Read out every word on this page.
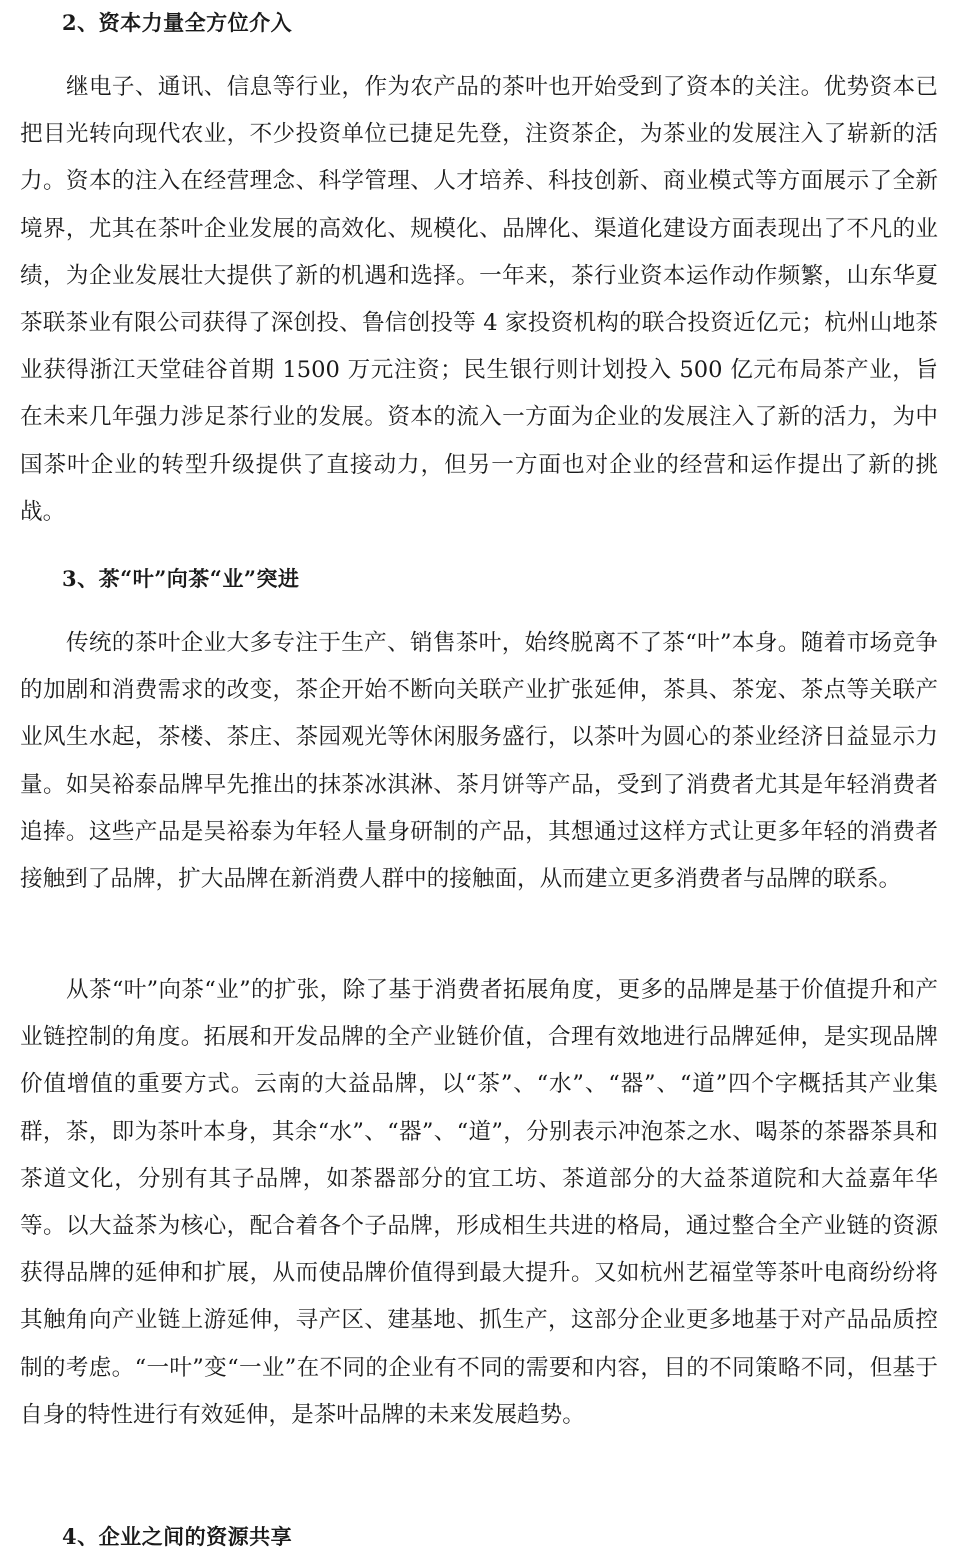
2、资本力量全方位介入

继电子、通讯、信息等行业，作为农产品的茶叶也开始受到了资本的关注。优势资本已把目光转向现代农业，不少投资单位已捷足先登，注资茶企，为茶业的发展注入了崭新的活力。资本的注入在经营理念、科学管理、人才培养、科技创新、商业模式等方面展示了全新境界，尤其在茶叶企业发展的高效化、规模化、品牌化、渠道化建设方面表现出了不凡的业绩，为企业发展壮大提供了新的机遇和选择。一年来，茶行业资本运作动作频繁，山东华夏茶联茶业有限公司获得了深创投、鲁信创投等 4 家投资机构的联合投资近亿元；杭州山地茶业获得浙江天堂硅谷首期 1500 万元注资；民生银行则计划投入 500 亿元布局茶产业，旨在未来几年强力涉足茶行业的发展。资本的流入一方面为企业的发展注入了新的活力，为中国茶叶企业的转型升级提供了直接动力，但另一方面也对企业的经营和运作提出了新的挑战。

3、茶“叶”向茶“业”突进

传统的茶叶企业大多专注于生产、销售茶叶，始终脱离不了茶“叶”本身。随着市场竞争的加剧和消费需求的改变，茶企开始不断向关联产业扩张延伸，茶具、茶宠、茶点等关联产业风生水起，茶楼、茶庄、茶园观光等休闲服务盛行，以茶叶为圆心的茶业经济日益显示力量。如吴裕泰品牌早先推出的抹茶冰淇淋、茶月饼等产品，受到了消费者尤其是年轻消费者追捧。这些产品是吴裕泰为年轻人量身研制的产品，其想通过这样方式让更多年轻的消费者接触到了品牌，扩大品牌在新消费人群中的接触面，从而建立更多消费者与品牌的联系。

从茶“叶”向茶“业”的扩张，除了基于消费者拓展角度，更多的品牌是基于价值提升和产业链控制的角度。拓展和开发品牌的全产业链价值，合理有效地进行品牌延伸，是实现品牌价值增值的重要方式。云南的大益品牌，以“茶”、“水”、“器”、“道”四个字概括其产业集群，茶，即为茶叶本身，其余“水”、“器”、“道”，分别表示冲泡茶之水、喝茶的茶器茶具和茶道文化，分别有其子品牌，如茶器部分的宜工坊、茶道部分的大益茶道院和大益嘉年华等。以大益茶为核心，配合着各个子品牌，形成相生共进的格局，通过整合全产业链的资源获得品牌的延伸和扩展，从而使品牌价值得到最大提升。又如杭州艺福堂等茶叶电商纷纷将其触角向产业链上游延伸，寻产区、建基地、抓生产，这部分企业更多地基于对产品品质控制的考虑。“一叶”变“一业”在不同的企业有不同的需要和内容，目的不同策略不同，但基于自身的特性进行有效延伸，是茶叶品牌的未来发展趋势。

4、企业之间的资源共享
